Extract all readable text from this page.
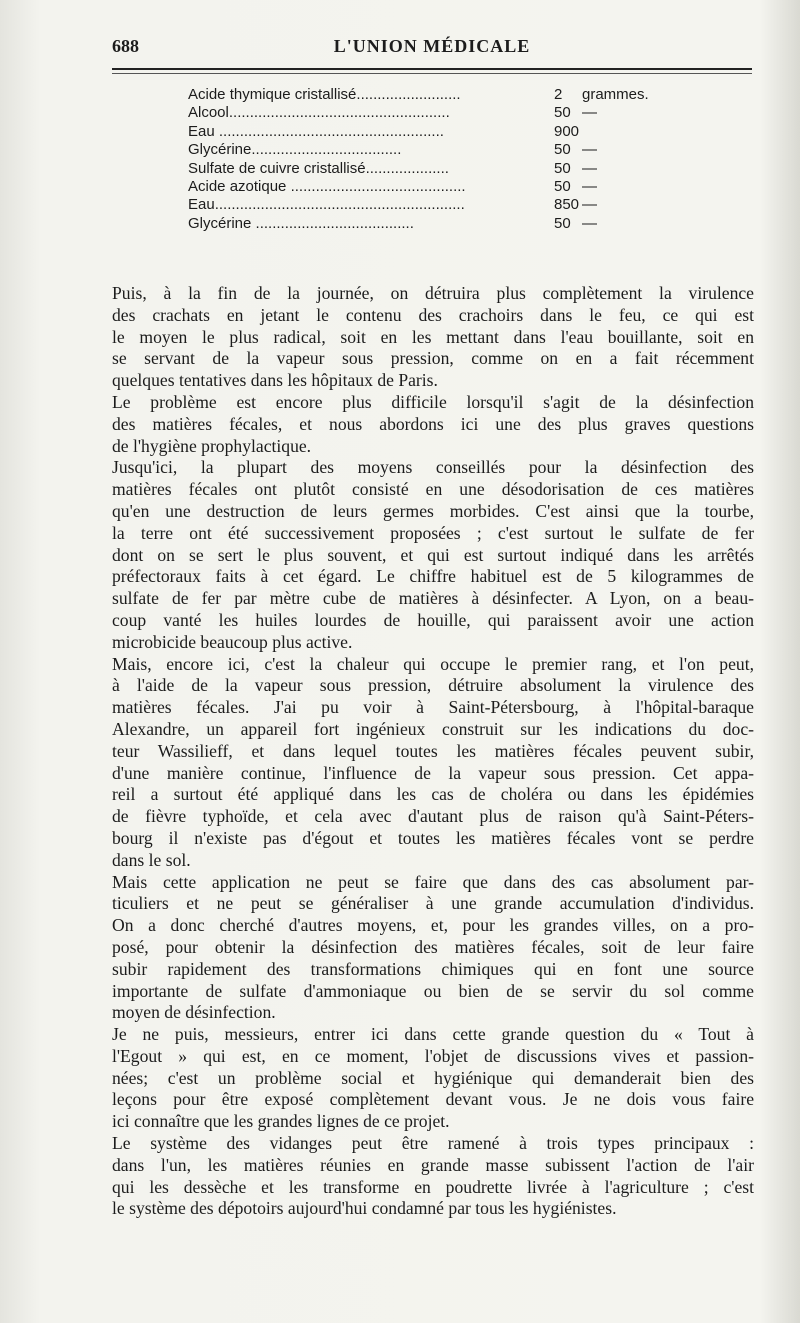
688	L'UNION MÉDICALE
Acide thymique cristallisé.........................	2 grammes.
Alcool.....................................................	50 —
Eau ......................................................	900
Glycérine....................................	50 —
Sulfate de cuivre cristallisé....................	50 —
Acide azotique ..........................................	50 —
Eau............................................................	850 —
Glycérine ......................................	50 —
Puis, à la fin de la journée, on détruira plus complètement la virulence
des crachats en jetant le contenu des crachoirs dans le feu, ce qui est
le moyen le plus radical, soit en les mettant dans l'eau bouillante, soit en
se servant de la vapeur sous pression, comme on en a fait récemment
quelques tentatives dans les hôpitaux de Paris.
Le problème est encore plus difficile lorsqu'il s'agit de la désinfection
des matières fécales, et nous abordons ici une des plus graves questions
de l'hygiène prophylactique.
Jusqu'ici, la plupart des moyens conseillés pour la désinfection des
matières fécales ont plutôt consisté en une désodorisation de ces matières
qu'en une destruction de leurs germes morbides. C'est ainsi que la tourbe,
la terre ont été successivement proposées ; c'est surtout le sulfate de fer
dont on se sert le plus souvent, et qui est surtout indiqué dans les arrêtés
préfectoraux faits à cet égard. Le chiffre habituel est de 5 kilogrammes de
sulfate de fer par mètre cube de matières à désinfecter. A Lyon, on a beau-
coup vanté les huiles lourdes de houille, qui paraissent avoir une action
microbicide beaucoup plus active.
Mais, encore ici, c'est la chaleur qui occupe le premier rang, et l'on peut,
à l'aide de la vapeur sous pression, détruire absolument la virulence des
matières fécales. J'ai pu voir à Saint-Pétersbourg, à l'hôpital-baraque
Alexandre, un appareil fort ingénieux construit sur les indications du doc-
teur Wassilieff, et dans lequel toutes les matières fécales peuvent subir,
d'une manière continue, l'influence de la vapeur sous pression. Cet appa-
reil a surtout été appliqué dans les cas de choléra ou dans les épidémies
de fièvre typhoïde, et cela avec d'autant plus de raison qu'à Saint-Péters-
bourg il n'existe pas d'égout et toutes les matières fécales vont se perdre
dans le sol.
Mais cette application ne peut se faire que dans des cas absolument par-
ticuliers et ne peut se généraliser à une grande accumulation d'individus.
On a donc cherché d'autres moyens, et, pour les grandes villes, on a pro-
posé, pour obtenir la désinfection des matières fécales, soit de leur faire
subir rapidement des transformations chimiques qui en font une source
importante de sulfate d'ammoniaque ou bien de se servir du sol comme
moyen de désinfection.
Je ne puis, messieurs, entrer ici dans cette grande question du « Tout à
l'Egout » qui est, en ce moment, l'objet de discussions vives et passion-
nées; c'est un problème social et hygiénique qui demanderait bien des
leçons pour être exposé complètement devant vous. Je ne dois vous faire
ici connaître que les grandes lignes de ce projet.
Le système des vidanges peut être ramené à trois types principaux :
dans l'un, les matières réunies en grande masse subissent l'action de l'air
qui les dessèche et les transforme en poudrette livrée à l'agriculture ; c'est
le système des dépotoirs aujourd'hui condamné par tous les hygiénistes.
